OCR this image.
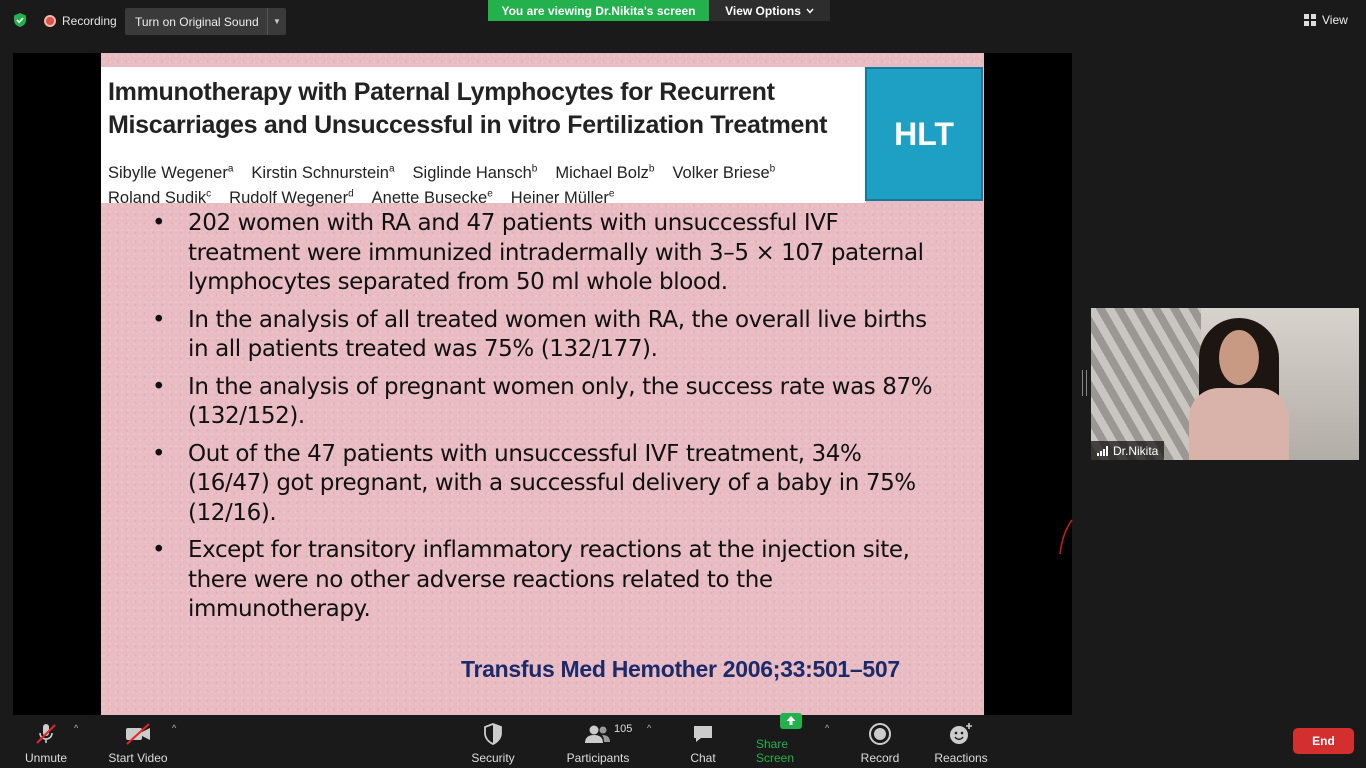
Recording	Turn on Original Sound	▼
You are viewing Dr.Nikita's screen	View Options
View
Immunotherapy with Paternal Lymphocytes for Recurrent Miscarriages and Unsuccessful in vitro Fertilization Treatment
Sibylle Wegener$^a$ Kirstin Schnurstein$^a$ Siglinde Hansch$^b$ Michael Bolz$^b$ Volker Briese$^b$
Roland Sudik$^c$ Rudolf Wegener$^d$ Anette Busecke$^e$ Heiner Müller$^e$
HLT
• 202 women with RA and 47 patients with unsuccessful IVF treatment were immunized intradermally with 3–5 × 107 paternal lymphocytes separated from 50 ml whole blood.
• In the analysis of all treated women with RA, the overall live births in all patients treated was 75% (132/177).
• In the analysis of pregnant women only, the success rate was 87% (132/152).
• Out of the 47 patients with unsuccessful IVF treatment, 34% (16/47) got pregnant, with a successful delivery of a baby in 75% (12/16).
• Except for transitory inflammatory reactions at the injection site, there were no other adverse reactions related to the immunotherapy.
Transfus Med Hemother 2006;33:501–507
Dr.Nikita
Unmute
^
Start Video
^
Security	Participants
^
Chat
Share Screen
^
Record	Reactions
105
End
